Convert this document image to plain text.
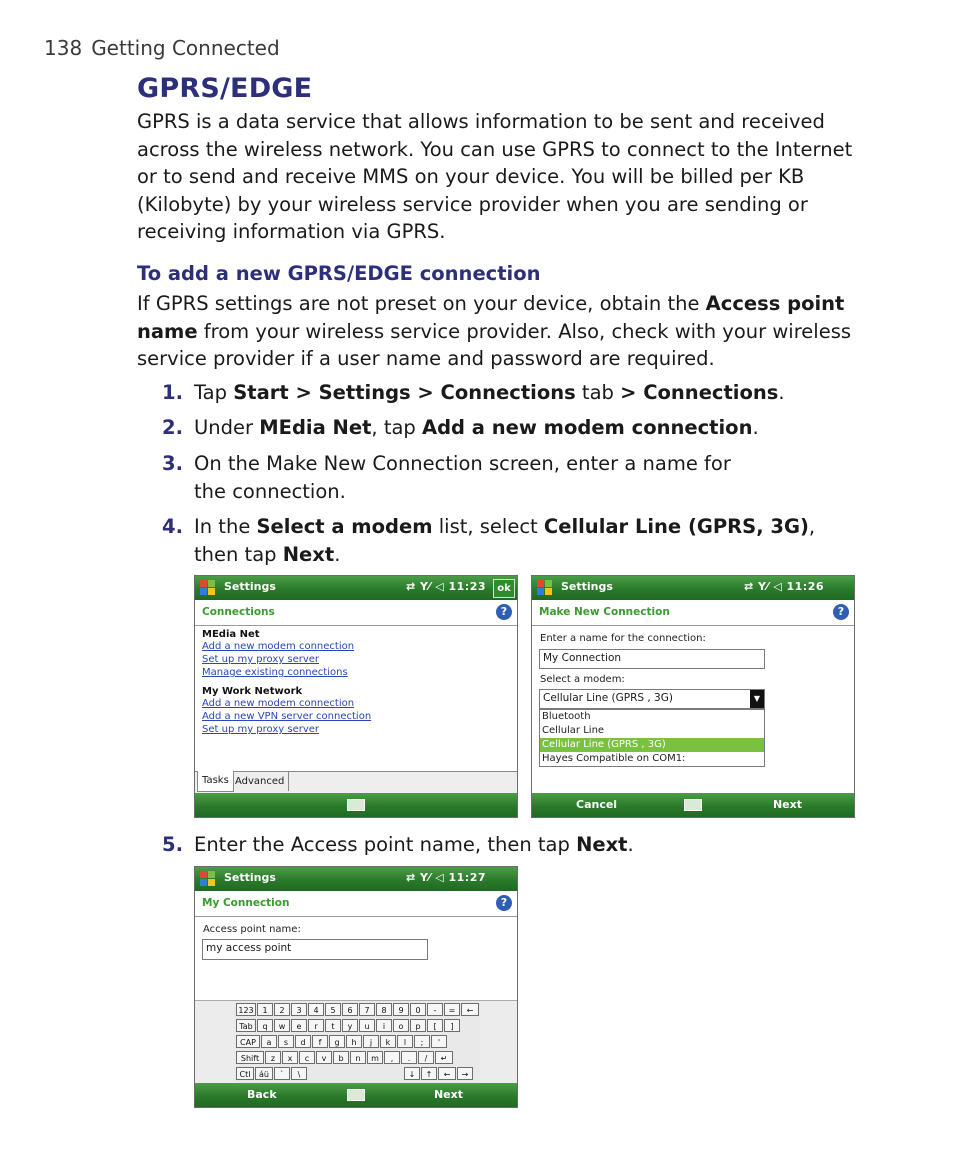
138 Getting Connected
GPRS/EDGE

GPRS is a data service that allows information to be sent and received across the wireless network. You can use GPRS to connect to the Internet or to send and receive MMS on your device. You will be billed per KB (Kilobyte) by your wireless service provider when you are sending or receiving information via GPRS.

To add a new GPRS/EDGE connection

If GPRS settings are not preset on your device, obtain the Access point name from your wireless service provider. Also, check with your wireless service provider if a user name and password are required.

1. Tap Start > Settings > Connections tab > Connections.
2. Under MEdia Net, tap Add a new modem connection.
3. On the Make New Connection screen, enter a name for the connection.
4. In the Select a modem list, select Cellular Line (GPRS, 3G), then tap Next.
5. Enter the Access point name, then tap Next.
Settings	⇄ Y⁄ ◁ 11:23	ok
Connections	?
MEdia Net
Add a new modem connection
Set up my proxy server
Manage existing connections
My Work Network
Add a new modem connection
Add a new VPN server connection
Set up my proxy server
Tasks Advanced
Settings	⇄ Y⁄ ◁ 11:26
Make New Connection	?
Enter a name for the connection:
My Connection
Select a modem:
Cellular Line (GPRS , 3G)	▼
Bluetooth
Cellular Line
Cellular Line (GPRS , 3G)
Hayes Compatible on COM1:
Cancel	Next
Settings	⇄ Y⁄ ◁ 11:27
My Connection	?
Access point name:
my access point
123	1	2	3	4	5	6	7	8	9	0	-	=	←
Tab	q	w	e	r	t	y	u	i	o	p	[	]
CAP	a	s	d	f	g	h	j	k	l	;	'
Shift	z	x	c	v	b	n	m	,	.	/	↵
Ctl	áü	`	\	↓	↑	←	→
Back	Next
